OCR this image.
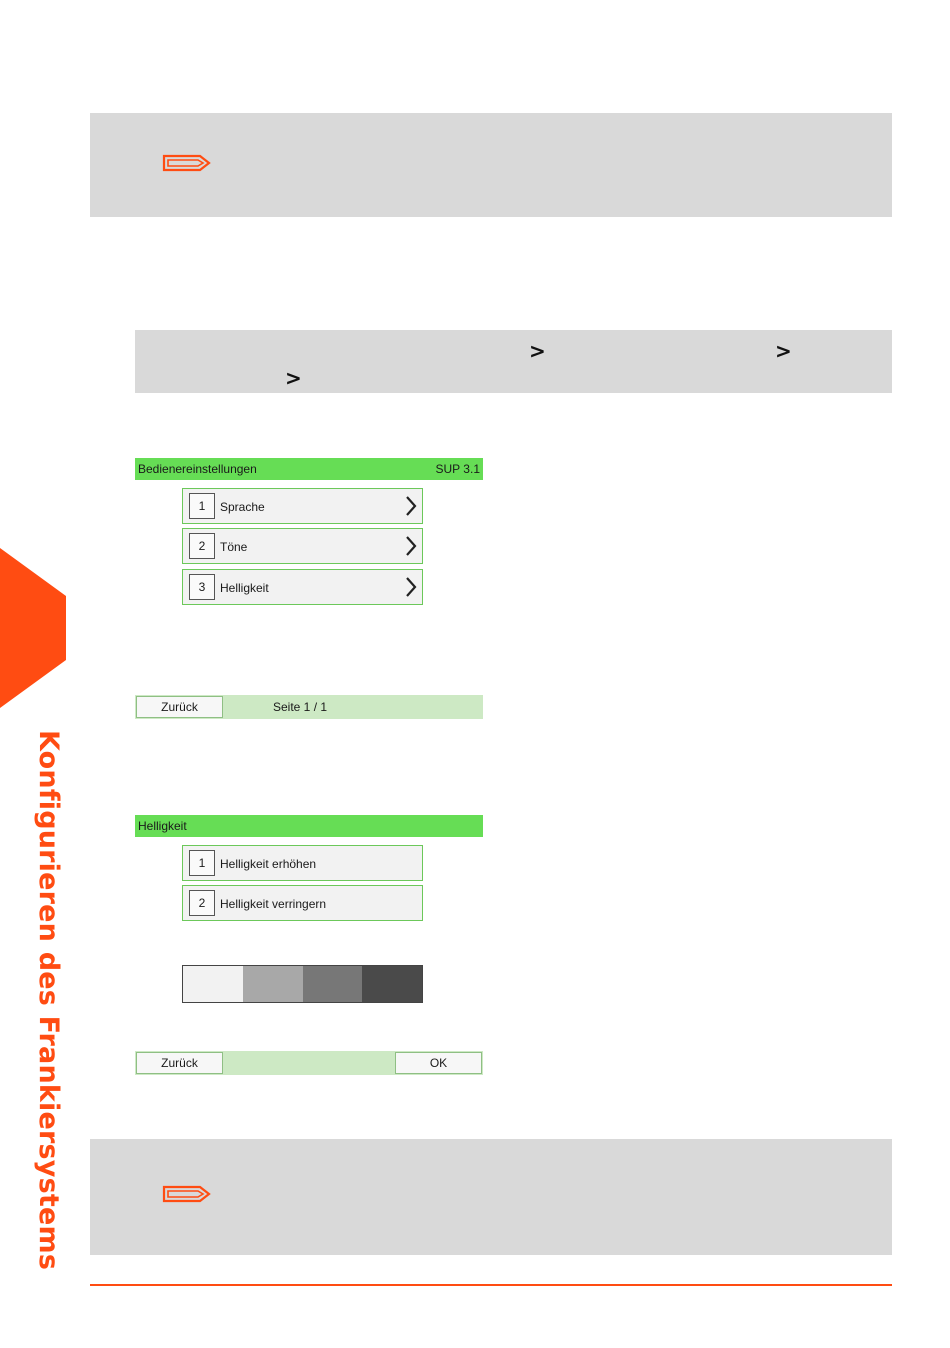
Konfigurieren des Frankiersystems
>	>
>
Bedienereinstellungen	SUP 3.1
1	Sprache
2	Töne
3	Helligkeit
Zurück	Seite 1 / 1
Helligkeit
1	Helligkeit erhöhen
2	Helligkeit verringern
Zurück	OK
